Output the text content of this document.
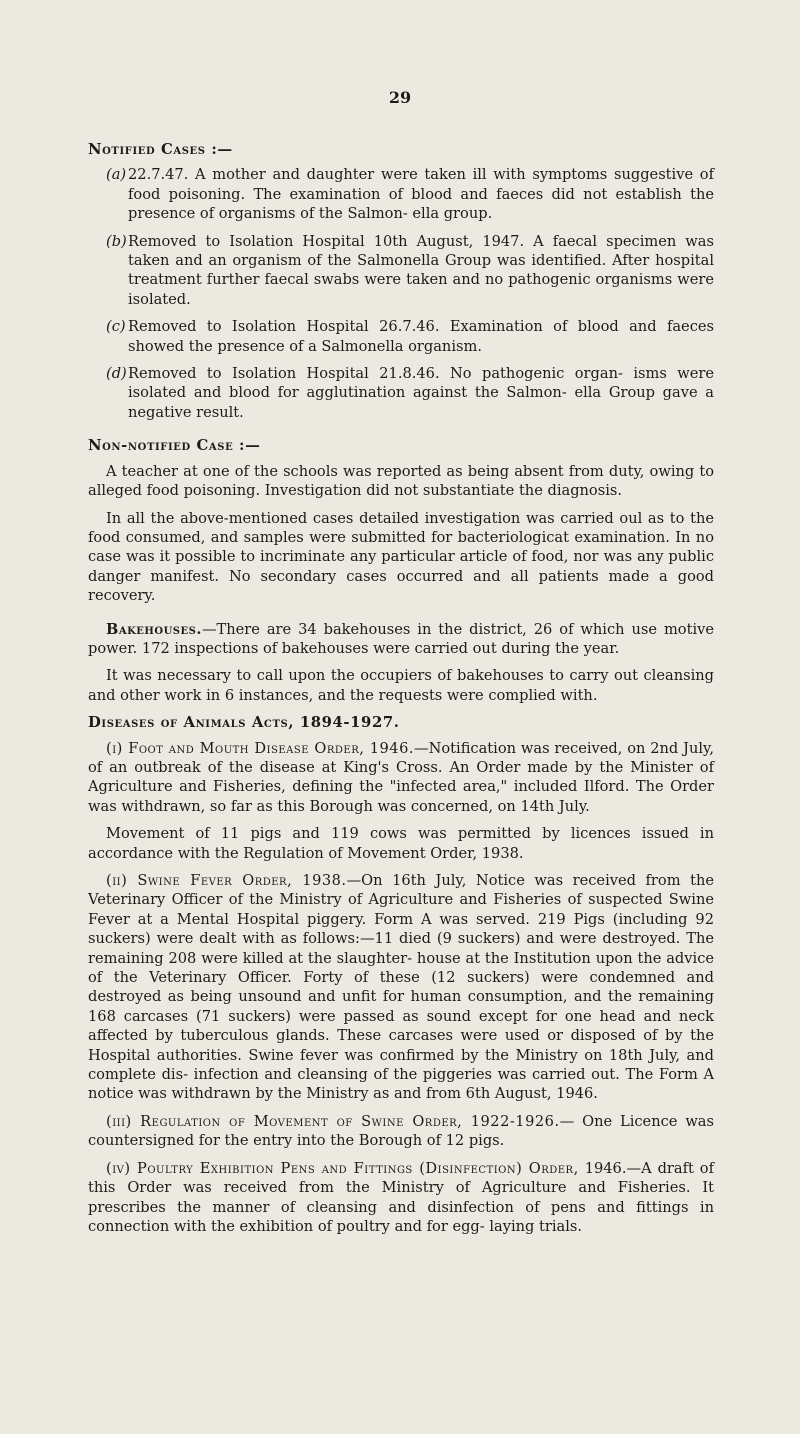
29
Notified Cases :—
(a) 22.7.47. A mother and daughter were taken ill with symptoms suggestive of food poisoning. The examination of blood and faeces did not establish the presence of organisms of the Salmon- ella group.
(b) Removed to Isolation Hospital 10th August, 1947. A faecal specimen was taken and an organism of the Salmonella Group was identified. After hospital treatment further faecal swabs were taken and no pathogenic organisms were isolated.
(c) Removed to Isolation Hospital 26.7.46. Examination of blood and faeces showed the presence of a Salmonella organism.
(d) Removed to Isolation Hospital 21.8.46. No pathogenic organ- isms were isolated and blood for agglutination against the Salmon- ella Group gave a negative result.
Non-notified Case :—

A teacher at one of the schools was reported as being absent from duty, owing to alleged food poisoning. Investigation did not substantiate the diagnosis.

In all the above-mentioned cases detailed investigation was carried oul as to the food consumed, and samples were submitted for bacteriologicat examination. In no case was it possible to incriminate any particular article of food, nor was any public danger manifest. No secondary cases occurred and all patients made a good recovery.

Bakehouses.—There are 34 bakehouses in the district, 26 of which use motive power. 172 inspections of bakehouses were carried out during the year.

It was necessary to call upon the occupiers of bakehouses to carry out cleansing and other work in 6 instances, and the requests were complied with.

Diseases of Animals Acts, 1894-1927.

(i) Foot and Mouth Disease Order, 1946.—Notification was received, on 2nd July, of an outbreak of the disease at King's Cross. An Order made by the Minister of Agriculture and Fisheries, defining the "infected area," included Ilford. The Order was withdrawn, so far as this Borough was concerned, on 14th July.

Movement of 11 pigs and 119 cows was permitted by licences issued in accordance with the Regulation of Movement Order, 1938.

(ii) Swine Fever Order, 1938.—On 16th July, Notice was received from the Veterinary Officer of the Ministry of Agriculture and Fisheries of suspected Swine Fever at a Mental Hospital piggery. Form A was served. 219 Pigs (including 92 suckers) were dealt with as follows:—11 died (9 suckers) and were destroyed. The remaining 208 were killed at the slaughter- house at the Institution upon the advice of the Veterinary Officer. Forty of these (12 suckers) were condemned and destroyed as being unsound and unfit for human consumption, and the remaining 168 carcases (71 suckers) were passed as sound except for one head and neck affected by tuberculous glands. These carcases were used or disposed of by the Hospital authorities. Swine fever was confirmed by the Ministry on 18th July, and complete dis- infection and cleansing of the piggeries was carried out. The Form A notice was withdrawn by the Ministry as and from 6th August, 1946.

(iii) Regulation of Movement of Swine Order, 1922-1926.— One Licence was countersigned for the entry into the Borough of 12 pigs.

(iv) Poultry Exhibition Pens and Fittings (Disinfection) Order, 1946.—A draft of this Order was received from the Ministry of Agriculture and Fisheries. It prescribes the manner of cleansing and disinfection of pens and fittings in connection with the exhibition of poultry and for egg- laying trials.
